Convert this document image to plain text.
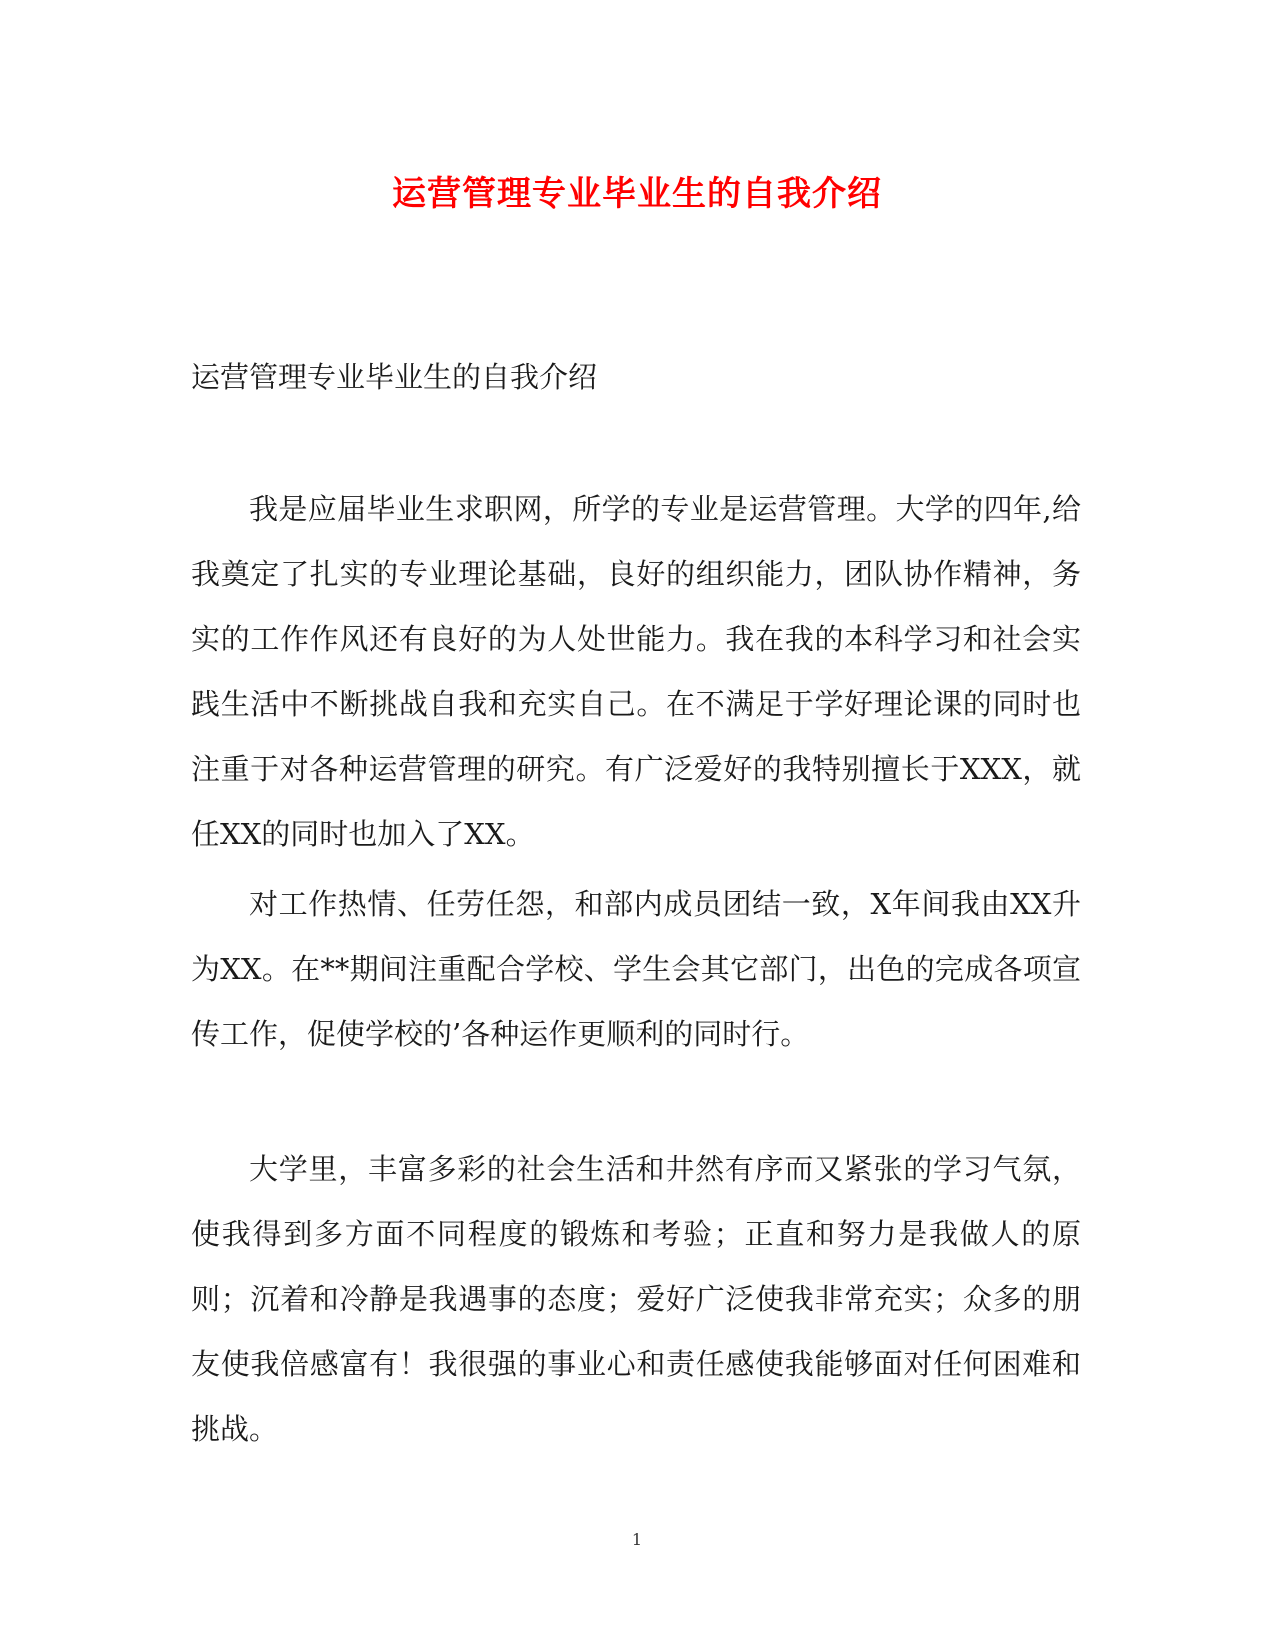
运营管理专业毕业生的自我介绍
运营管理专业毕业生的自我介绍

我是应届毕业生求职网，所学的专业是运营管理。大学的四年,给我奠定了扎实的专业理论基础，良好的组织能力，团队协作精神，务实的工作作风还有良好的为人处世能力。我在我的本科学习和社会实践生活中不断挑战自我和充实自己。在不满足于学好理论课的同时也注重于对各种运营管理的研究。有广泛爱好的我特别擅长于XXX，就任XX的同时也加入了XX。

对工作热情、任劳任怨，和部内成员团结一致，X年间我由XX升为XX。在**期间注重配合学校、学生会其它部门，出色的完成各项宣传工作，促使学校的’各种运作更顺利的同时行。

大学里，丰富多彩的社会生活和井然有序而又紧张的学习气氛，使我得到多方面不同程度的锻炼和考验；正直和努力是我做人的原则；沉着和冷静是我遇事的态度；爱好广泛使我非常充实；众多的朋友使我倍感富有！我很强的事业心和责任感使我能够面对任何困难和挑战。

1
